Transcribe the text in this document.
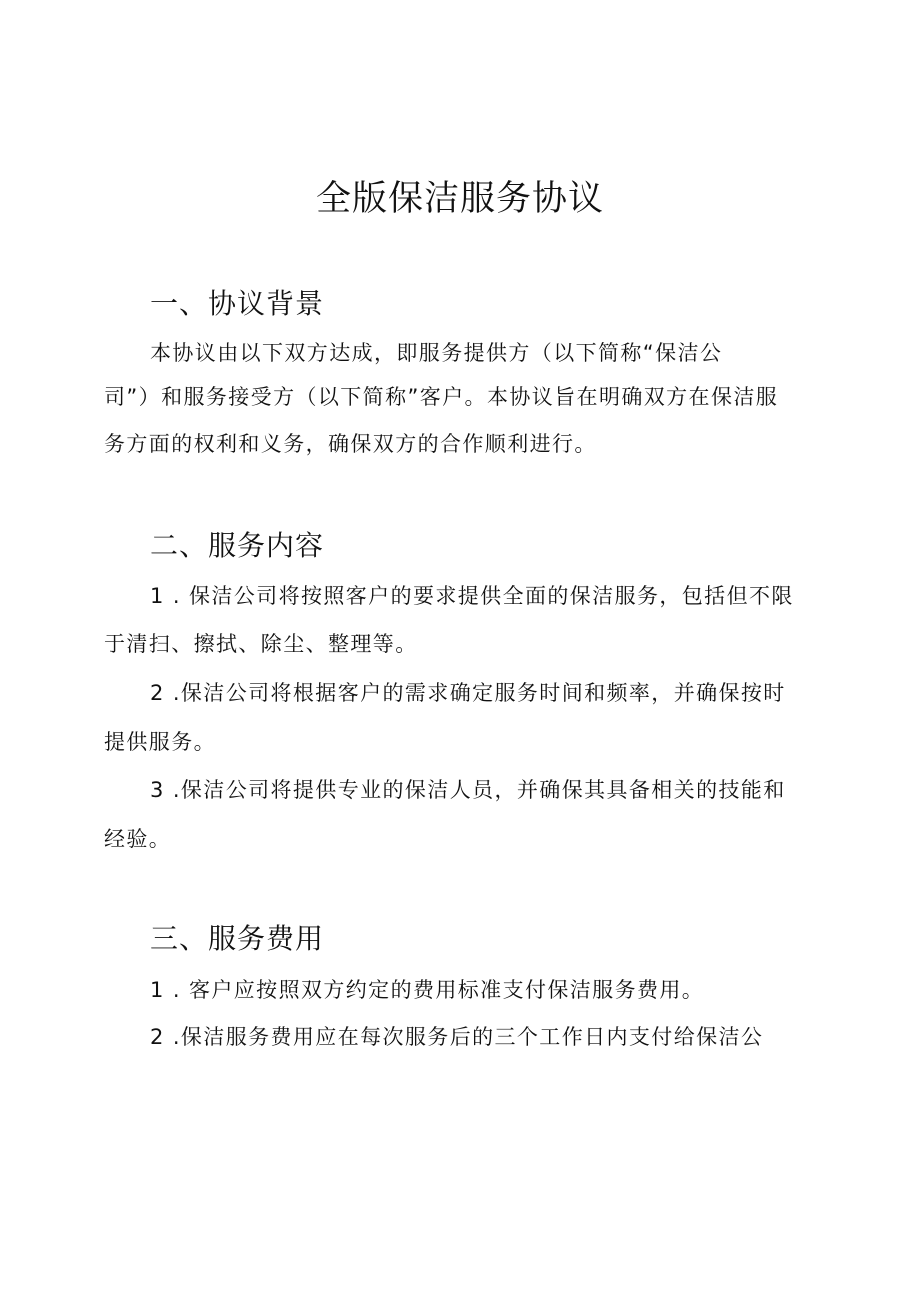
全版保洁服务协议
一、协议背景
本协议由以下双方达成，即服务提供方（以下简称“保洁公
司”）和服务接受方（以下简称”客户。本协议旨在明确双方在保洁服
务方面的权利和义务，确保双方的合作顺利进行。
二、服务内容
1 . 保洁公司将按照客户的要求提供全面的保洁服务，包括但不限
于清扫、擦拭、除尘、整理等。
2 .保洁公司将根据客户的需求确定服务时间和频率，并确保按时
提供服务。
3 .保洁公司将提供专业的保洁人员，并确保其具备相关的技能和
经验。
三、服务费用
1 . 客户应按照双方约定的费用标准支付保洁服务费用。
2 .保洁服务费用应在每次服务后的三个工作日内支付给保洁公
